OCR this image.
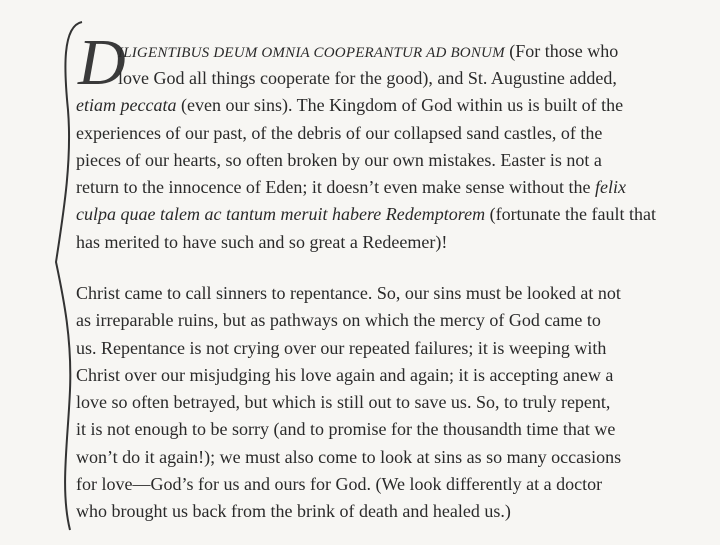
D
ILIGENTIBUS DEUM OMNIA COOPERANTUR AD BONUM (For those who
love God all things cooperate for the good), and St. Augustine added,
etiam peccata (even our sins). The Kingdom of God within us is built of the
experiences of our past, of the debris of our collapsed sand castles, of the
pieces of our hearts, so often broken by our own mistakes. Easter is not a
return to the innocence of Eden; it doesn’t even make sense without the felix
culpa quae talem ac tantum meruit habere Redemptorem (fortunate the fault that
has merited to have such and so great a Redeemer)!
Christ came to call sinners to repentance. So, our sins must be looked at not
as irreparable ruins, but as pathways on which the mercy of God came to
us. Repentance is not crying over our repeated failures; it is weeping with
Christ over our misjudging his love again and again; it is accepting anew a
love so often betrayed, but which is still out to save us. So, to truly repent,
it is not enough to be sorry (and to promise for the thousandth time that we
won’t do it again!); we must also come to look at sins as so many occasions
for love—God’s for us and ours for God. (We look differently at a doctor
who brought us back from the brink of death and healed us.)
